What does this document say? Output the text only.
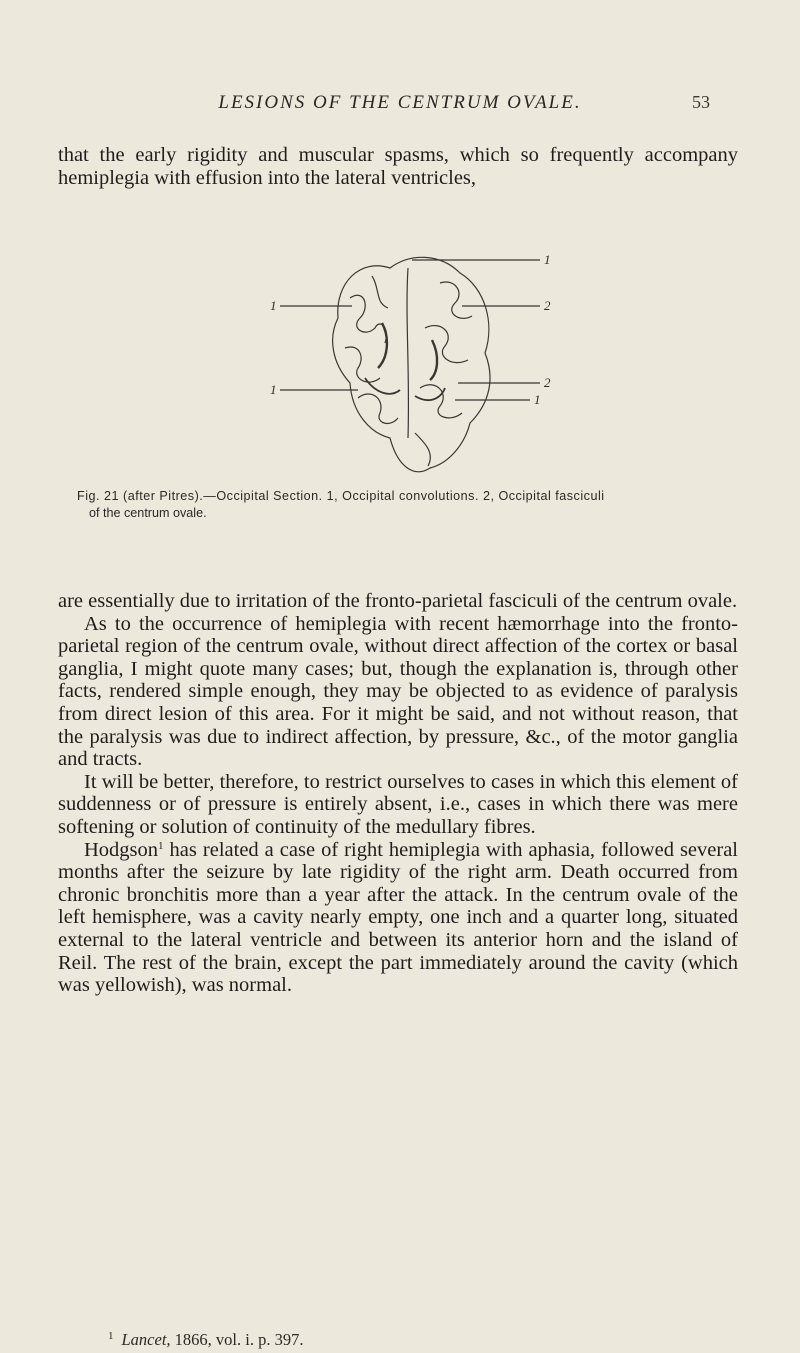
LESIONS OF THE CENTRUM OVALE.	53

that the early rigidity and muscular spasms, which so frequently accompany hemiplegia with effusion into the lateral ventricles,

1
1	2
1	2
1
Fig. 21 (after Pitres).—Occipital Section. 1, Occipital convolutions. 2, Occipital fasciculi
of the centrum ovale.

are essentially due to irritation of the fronto-parietal fasciculi of the centrum ovale.

As to the occurrence of hemiplegia with recent hæmorrhage into the fronto-parietal region of the centrum ovale, without direct affection of the cortex or basal ganglia, I might quote many cases; but, though the explanation is, through other facts, rendered simple enough, they may be objected to as evidence of paralysis from direct lesion of this area. For it might be said, and not without reason, that the paralysis was due to indirect affection, by pressure, &c., of the motor ganglia and tracts.

It will be better, therefore, to restrict ourselves to cases in which this element of suddenness or of pressure is entirely absent, i.e., cases in which there was mere softening or solution of continuity of the medullary fibres.

Hodgson$^1$ has related a case of right hemiplegia with aphasia, followed several months after the seizure by late rigidity of the right arm. Death occurred from chronic bronchitis more than a year after the attack. In the centrum ovale of the left hemisphere, was a cavity nearly empty, one inch and a quarter long, situated external to the lateral ventricle and between its anterior horn and the island of Reil. The rest of the brain, except the part immediately around the cavity (which was yellowish), was normal.

$^1$ Lancet, 1866, vol. i. p. 397.
